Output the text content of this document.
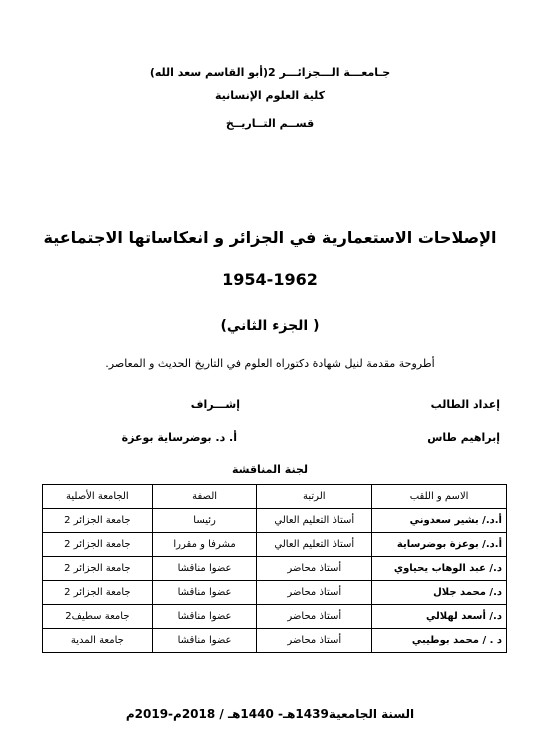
جـامعـــة الـــجزائـــر 2(أبو القاسم سعد الله)
كلية العلوم الإنسانية
قســم التــاريــخ
الإصلاحات الاستعمارية في الجزائر و انعكاساتها الاجتماعية
1954-1962
( الجزء الثاني)
أطروحة مقدمة لنيل شهادة دكتوراه العلوم في التاريخ الحديث و المعاصر.
إعداد الطالب
إشـــراف
إبراهيم طاس
أ. د. بوضرساية بوعزة
لجنة المناقشة
الاسم و اللقب	الرتبة	الصفة	الجامعة الأصلية
أ.د./ بشير سعدوني	أستاذ التعليم العالي	رئيسا	جامعة الجزائر 2
أ.د./ بوعزة بوضرساية	أستاذ التعليم العالي	مشرفا و مقررا	جامعة الجزائر 2
د./ عبد الوهاب يحياوي	أستاذ محاضر	عضوا مناقشا	جامعة الجزائر 2
د./ محمد جلال	أستاذ محاضر	عضوا مناقشا	جامعة الجزائر 2
د./ أسعد لهلالي	أستاذ محاضر	عضوا مناقشا	جامعة سطيف2
د . / محمد بوطيبي	أستاذ محاضر	عضوا مناقشا	جامعة المدية
السنة الجامعية1439هـ- 1440هـ / 2018م-2019م
